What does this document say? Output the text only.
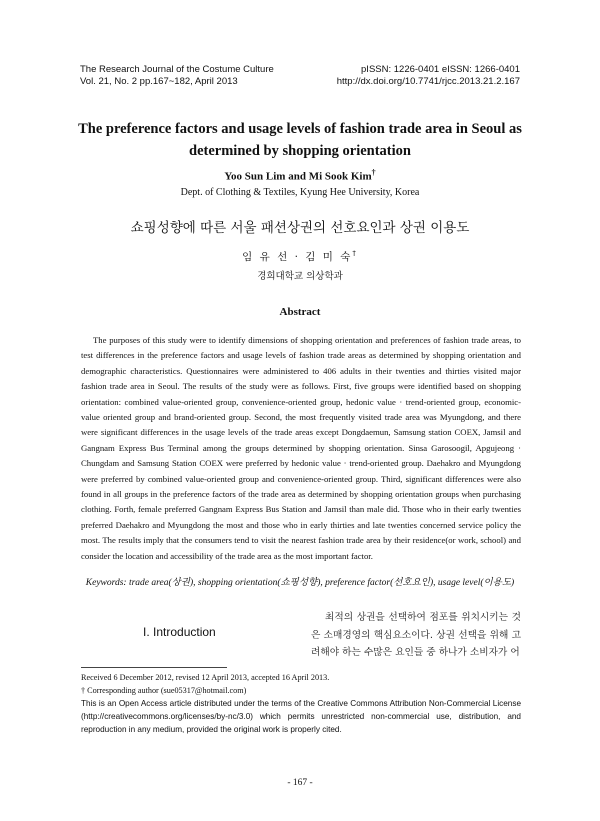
The Research Journal of the Costume Culture	pISSN: 1226-0401 eISSN: 1266-0401
Vol. 21, No. 2 pp.167~182, April 2013	http://dx.doi.org/10.7741/rjcc.2013.21.2.167
The preference factors and usage levels of fashion trade area in Seoul as
determined by shopping orientation
Yoo Sun Lim and Mi Sook Kim†
Dept. of Clothing & Textiles, Kyung Hee University, Korea
쇼핑성향에 따른 서울 패션상권의 선호요인과 상권 이용도
임 유 선 · 김 미 숙†
경희대학교 의상학과
Abstract
The purposes of this study were to identify dimensions of shopping orientation and preferences of fashion trade areas, to test differences in the preference factors and usage levels of fashion trade areas as determined by shopping orientation and demographic characteristics. Questionnaires were administered to 406 adults in their twenties and thirties visited major fashion trade area in Seoul. The results of the study were as follows. First, five groups were identified based on shopping orientation: combined value-oriented group, convenience-oriented group, hedonic value · trend-oriented group, economic-value oriented group and brand-oriented group. Second, the most frequently visited trade area was Myungdong, and there were significant differences in the usage levels of the trade areas except Dongdaemun, Samsung station COEX, Jamsil and Gangnam Express Bus Terminal among the groups determined by shopping orientation. Sinsa Garosoogil, Apgujeong · Chungdam and Samsung Station COEX were preferred by hedonic value · trend-oriented group. Daehakro and Myungdong were preferred by combined value-oriented group and convenience-oriented group. Third, significant differences were also found in all groups in the preference factors of the trade area as determined by shopping orientation groups when purchasing clothing. Forth, female preferred Gangnam Express Bus Station and Jamsil than male did. Those who in their early twenties preferred Daehakro and Myungdong the most and those who in early thirties and late twenties concerned service policy the most. The results imply that the consumers tend to visit the nearest fashion trade area by their residence(or work, school) and consider the location and accessibility of the trade area as the most important factor.
Keywords: trade area(상권), shopping orientation(쇼핑성향), preference factor(선호요인), usage level(이용도)
I. Introduction
최적의 상권을 선택하여 점포를 위치시키는 것은 소매경영의 핵심요소이다. 상권 선택을 위해 고려해야 하는 수많은 요인들 중 하나가 소비자가 어
Received 6 December 2012, revised 12 April 2013, accepted 16 April 2013.
† Corresponding author (sue05317@hotmail.com)
This is an Open Access article distributed under the terms of the Creative Commons Attribution Non-Commercial License (http://creativecommons.org/licenses/by-nc/3.0) which permits unrestricted non-commercial use, distribution, and reproduction in any medium, provided the original work is properly cited.
- 167 -
